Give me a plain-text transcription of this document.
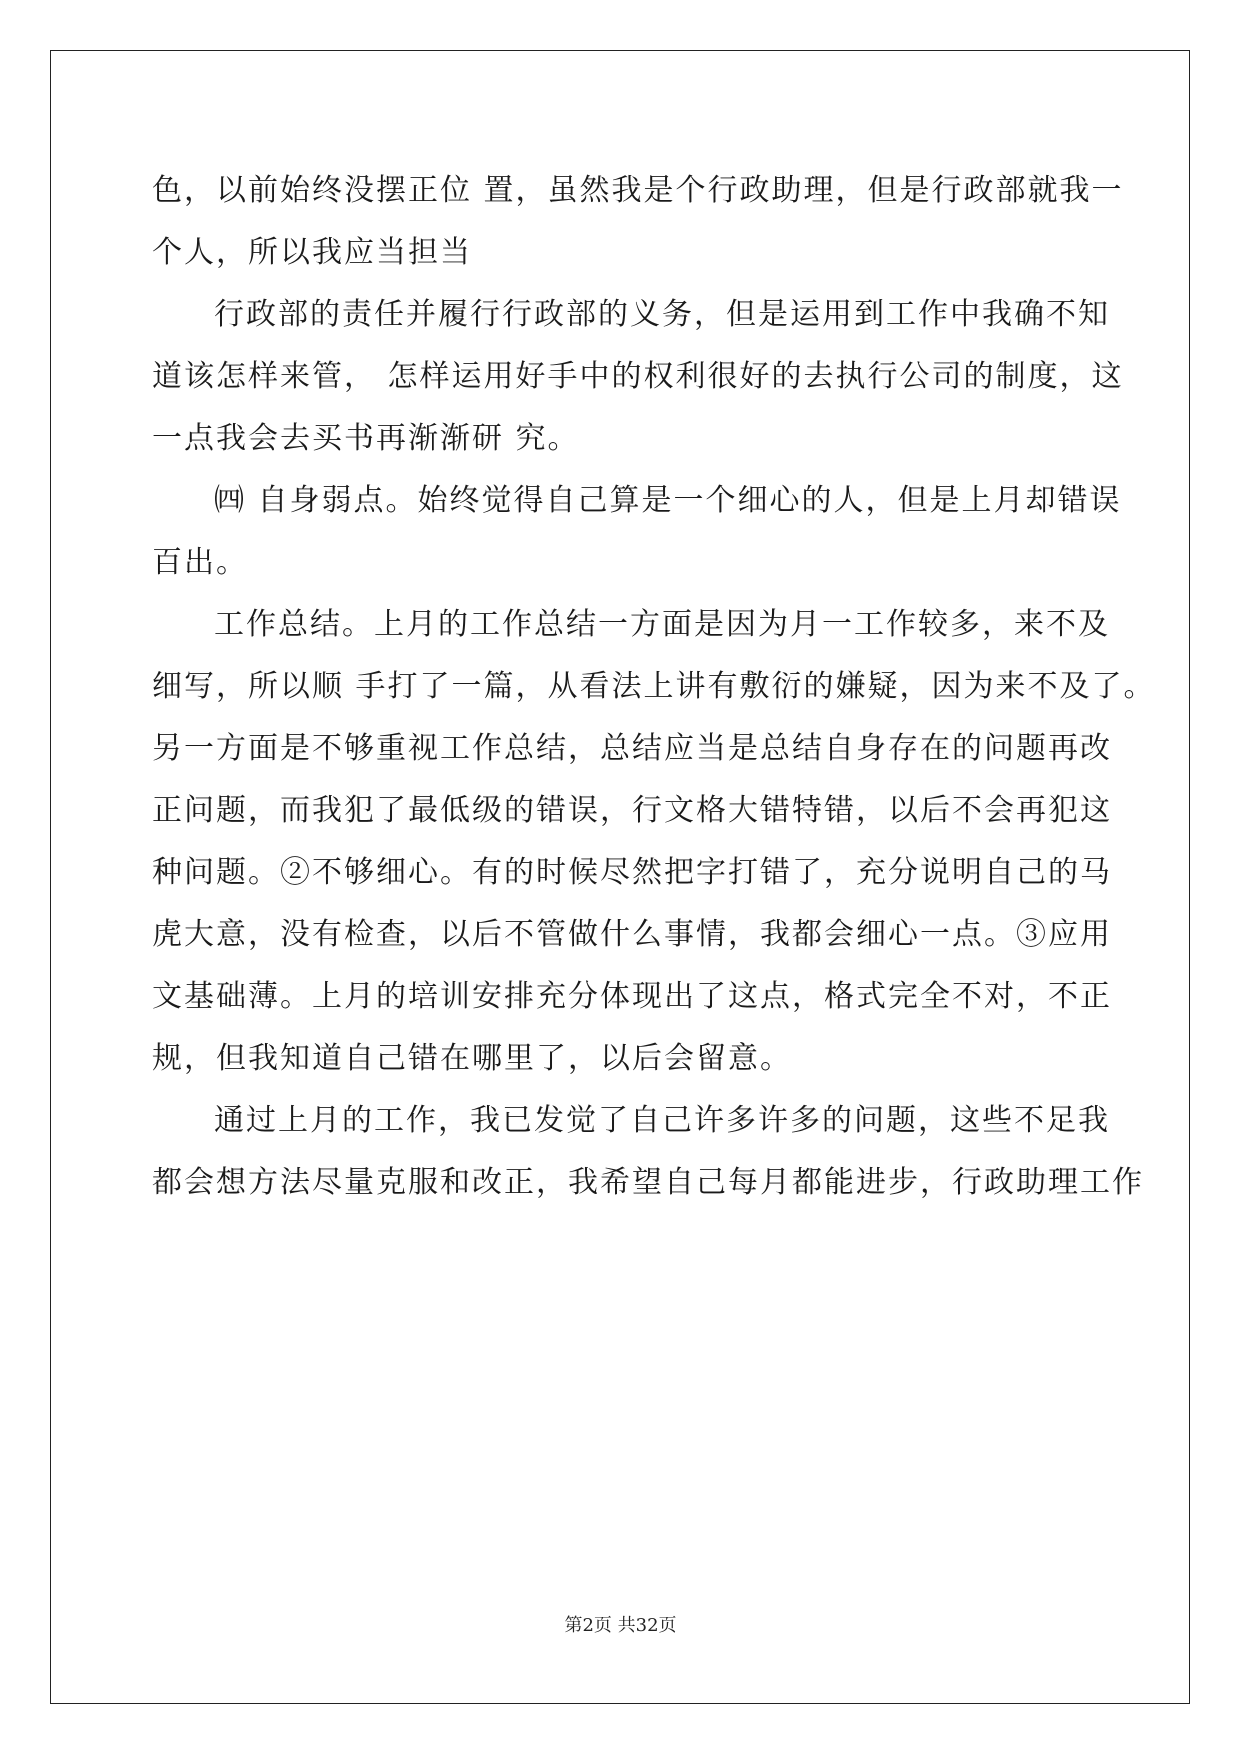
色，以前始终没摆正位 置，虽然我是个行政助理，但是行政部就我一

个人，所以我应当担当

行政部的责任并履行行政部的义务，但是运用到工作中我确不知

道该怎样来管， 怎样运用好手中的权利很好的去执行公司的制度，这

一点我会去买书再渐渐研 究。

㈣ 自身弱点。始终觉得自己算是一个细心的人，但是上月却错误

百出。

工作总结。上月的工作总结一方面是因为月一工作较多，来不及

细写，所以顺 手打了一篇，从看法上讲有敷衍的嫌疑，因为来不及了。

另一方面是不够重视工作总结，总结应当是总结自身存在的问题再改

正问题，而我犯了最低级的错误，行文格大错特错，以后不会再犯这

种问题。②不够细心。有的时候尽然把字打错了，充分说明自己的马

虎大意，没有检查，以后不管做什么事情，我都会细心一点。③应用

文基础薄。上月的培训安排充分体现出了这点，格式完全不对，不正

规，但我知道自己错在哪里了，以后会留意。

通过上月的工作，我已发觉了自己许多许多的问题，这些不足我

都会想方法尽量克服和改正，我希望自己每月都能进步，行政助理工作

第2页 共32页
